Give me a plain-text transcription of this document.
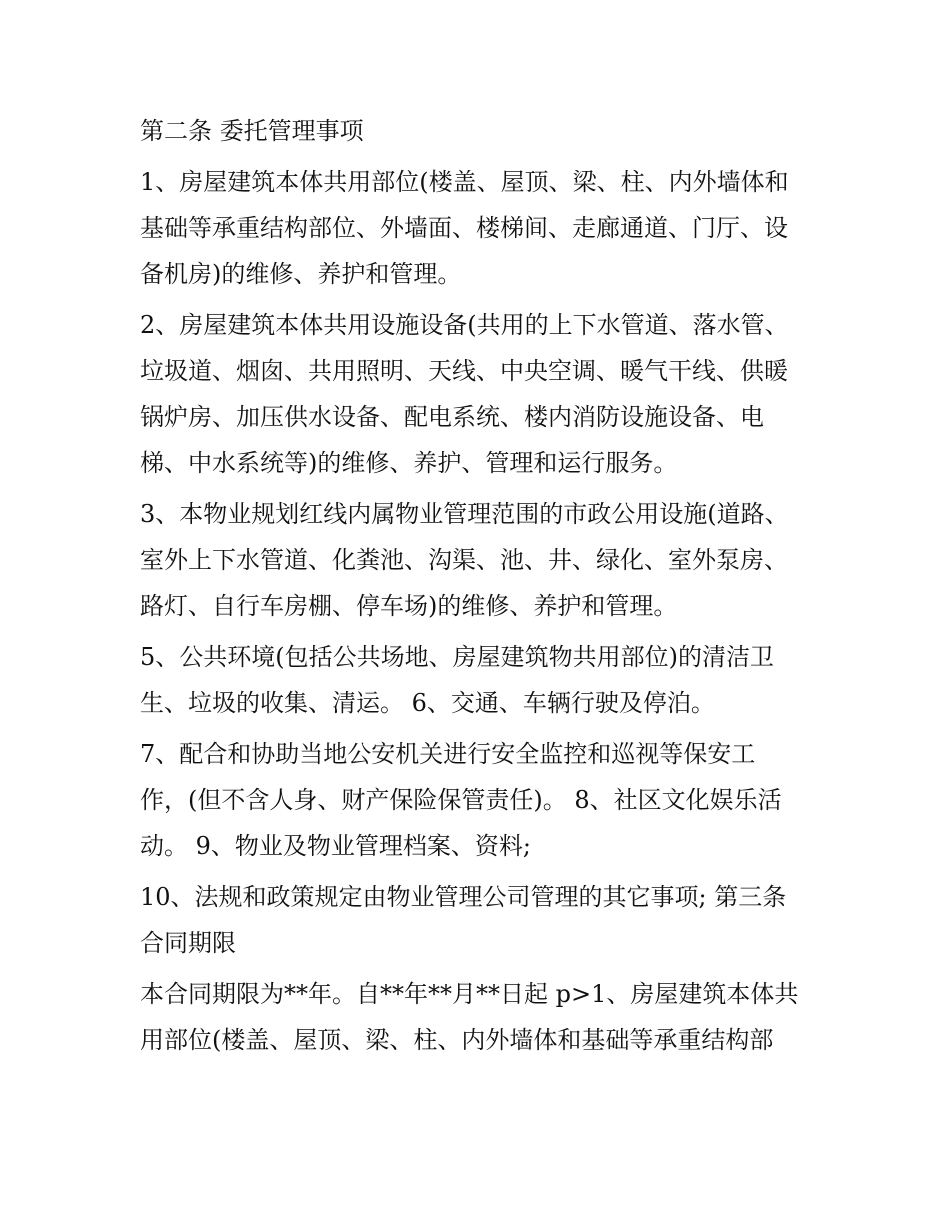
第二条 委托管理事项
1、房屋建筑本体共用部位(楼盖、屋顶、梁、柱、内外墙体和
基础等承重结构部位、外墙面、楼梯间、走廊通道、门厅、设
备机房)的维修、养护和管理。
2、房屋建筑本体共用设施设备(共用的上下水管道、落水管、
垃圾道、烟囱、共用照明、天线、中央空调、暖气干线、供暖
锅炉房、加压供水设备、配电系统、楼内消防设施设备、电
梯、中水系统等)的维修、养护、管理和运行服务。
3、本物业规划红线内属物业管理范围的市政公用设施(道路、
室外上下水管道、化粪池、沟渠、池、井、绿化、室外泵房、
路灯、自行车房棚、停车场)的维修、养护和管理。
5、公共环境(包括公共场地、房屋建筑物共用部位)的清洁卫
生、垃圾的收集、清运。 6、交通、车辆行驶及停泊。
7、配合和协助当地公安机关进行安全监控和巡视等保安工
作，(但不含人身、财产保险保管责任)。 8、社区文化娱乐活
动。 9、物业及物业管理档案、资料;
10、法规和政策规定由物业管理公司管理的其它事项; 第三条
合同期限
本合同期限为**年。自**年**月**日起 p>1、房屋建筑本体共
用部位(楼盖、屋顶、梁、柱、内外墙体和基础等承重结构部
